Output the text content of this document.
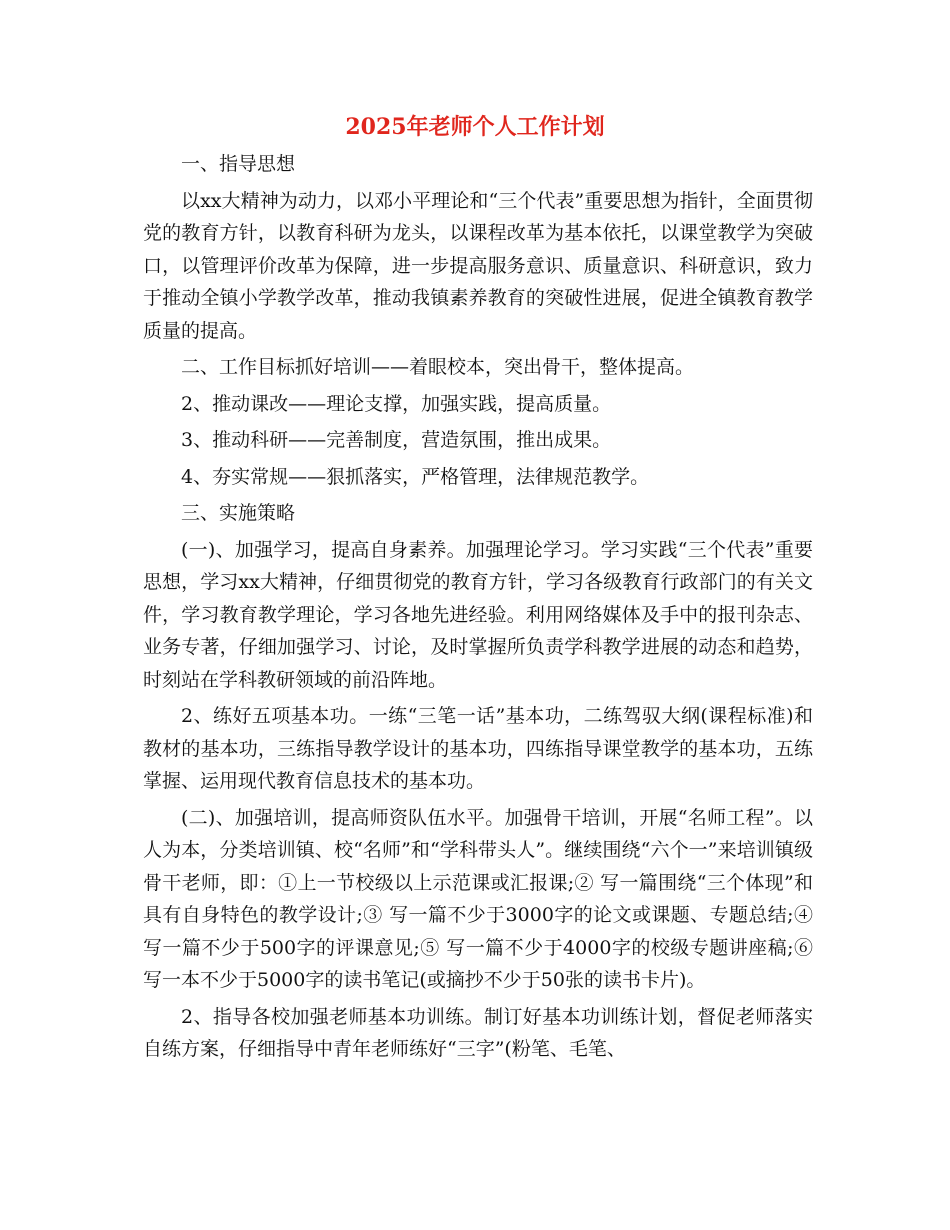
2025年老师个人工作计划

一、指导思想

以xx大精神为动力，以邓小平理论和“三个代表”重要思想为指针，全面贯彻党的教育方针，以教育科研为龙头，以课程改革为基本依托，以课堂教学为突破口，以管理评价改革为保障，进一步提高服务意识、质量意识、科研意识，致力于推动全镇小学教学改革，推动我镇素养教育的突破性进展，促进全镇教育教学质量的提高。

二、工作目标抓好培训——着眼校本，突出骨干，整体提高。

2、推动课改——理论支撑，加强实践，提高质量。

3、推动科研——完善制度，营造氛围，推出成果。

4、夯实常规——狠抓落实，严格管理，法律规范教学。

三、实施策略

(一)、加强学习，提高自身素养。加强理论学习。学习实践“三个代表”重要思想，学习xx大精神，仔细贯彻党的教育方针，学习各级教育行政部门的有关文件，学习教育教学理论，学习各地先进经验。利用网络媒体及手中的报刊杂志、业务专著，仔细加强学习、讨论，及时掌握所负责学科教学进展的动态和趋势，时刻站在学科教研领域的前沿阵地。

2、练好五项基本功。一练“三笔一话”基本功，二练驾驭大纲(课程标准)和教材的基本功，三练指导教学设计的基本功，四练指导课堂教学的基本功，五练掌握、运用现代教育信息技术的基本功。

(二)、加强培训，提高师资队伍水平。加强骨干培训，开展“名师工程”。以人为本，分类培训镇、校“名师”和“学科带头人”。继续围绕“六个一”来培训镇级骨干老师，即：①上一节校级以上示范课或汇报课;② 写一篇围绕“三个体现”和具有自身特色的教学设计;③ 写一篇不少于3000字的论文或课题、专题总结;④ 写一篇不少于500字的评课意见;⑤ 写一篇不少于4000字的校级专题讲座稿;⑥ 写一本不少于5000字的读书笔记(或摘抄不少于50张的读书卡片)。

2、指导各校加强老师基本功训练。制订好基本功训练计划，督促老师落实自练方案，仔细指导中青年老师练好“三字”(粉笔、毛笔、
